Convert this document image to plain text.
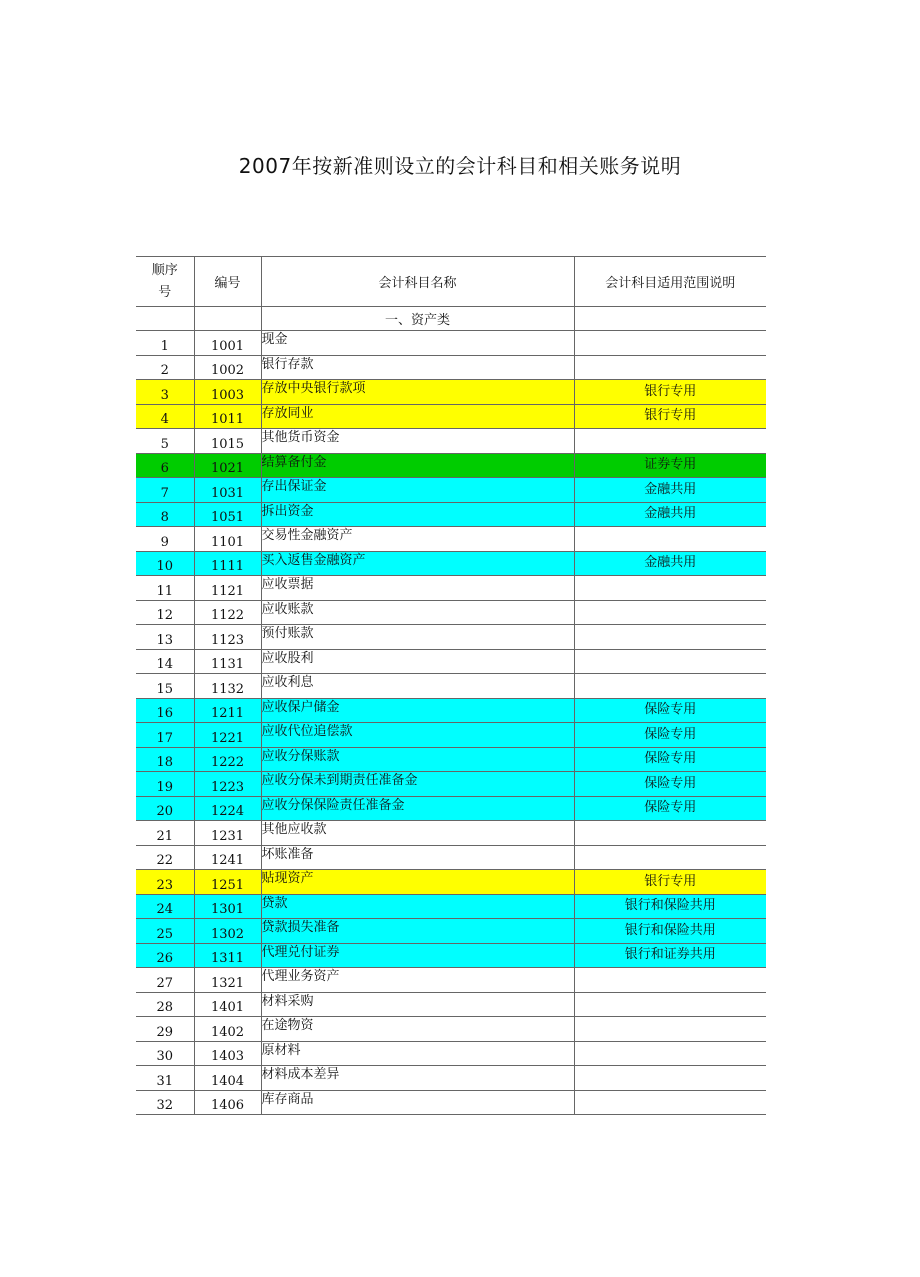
2007年按新准则设立的会计科目和相关账务说明
顺序
号	编号	会计科目名称	会计科目适用范围说明
		一、资产类	
1	1001	现金	
2	1002	银行存款	
3	1003	存放中央银行款项	银行专用
4	1011	存放同业	银行专用
5	1015	其他货币资金	
6	1021	结算备付金	证券专用
7	1031	存出保证金	金融共用
8	1051	拆出资金	金融共用
9	1101	交易性金融资产	
10	1111	买入返售金融资产	金融共用
11	1121	应收票据	
12	1122	应收账款	
13	1123	预付账款	
14	1131	应收股利	
15	1132	应收利息	
16	1211	应收保户储金	保险专用
17	1221	应收代位追偿款	保险专用
18	1222	应收分保账款	保险专用
19	1223	应收分保未到期责任准备金	保险专用
20	1224	应收分保保险责任准备金	保险专用
21	1231	其他应收款	
22	1241	坏账准备	
23	1251	贴现资产	银行专用
24	1301	贷款	银行和保险共用
25	1302	贷款损失准备	银行和保险共用
26	1311	代理兑付证券	银行和证券共用
27	1321	代理业务资产	
28	1401	材料采购	
29	1402	在途物资	
30	1403	原材料	
31	1404	材料成本差异	
32	1406	库存商品	
